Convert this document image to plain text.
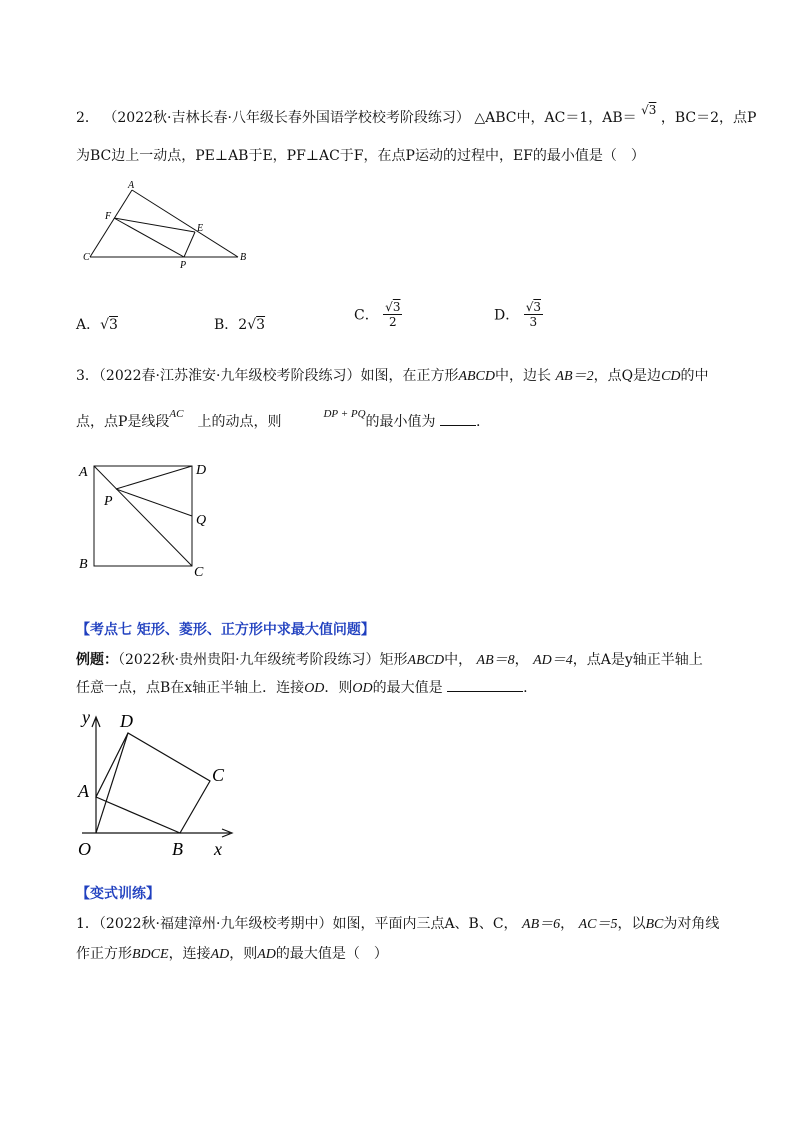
2． （2022秋·吉林长春·八年级长春外国语学校校考阶段练习） △ABC中，AC＝1，AB＝ √3 ，BC＝2，点P
为BC边上一动点，PE⊥AB于E，PF⊥AC于F，在点P运动的过程中，EF的最小值是（　）
A
F
E
C
P
B
A．√3	B．2√3
C． $\frac{√3}{2}$	D． $\frac{√3}{3}$
3．（2022春·江苏淮安·九年级校考阶段练习）如图，在正方形ABCD中，边长 AB＝2，点Q是边CD的中
点，点P是线段$^{AC}$　 上的动点，则　　　	$^{DP + PQ}$的最小值为	.
A	D
P
Q
B
C
【考点七 矩形、菱形、正方形中求最大值问题】
例题：（2022秋·贵州贵阳·九年级统考阶段练习）矩形ABCD中， AB＝8， AD＝4，点A是y轴正半轴上
任意一点，点B在x轴正半轴上．连接OD．则OD的最大值是	.
y D
C
A
O	B x
【变式训练】
1．（2022秋·福建漳州·九年级校考期中）如图，平面内三点A、B、C， AB＝6， AC＝5，以BC为对角线
作正方形BDCE，连接AD，则AD的最大值是（　）
